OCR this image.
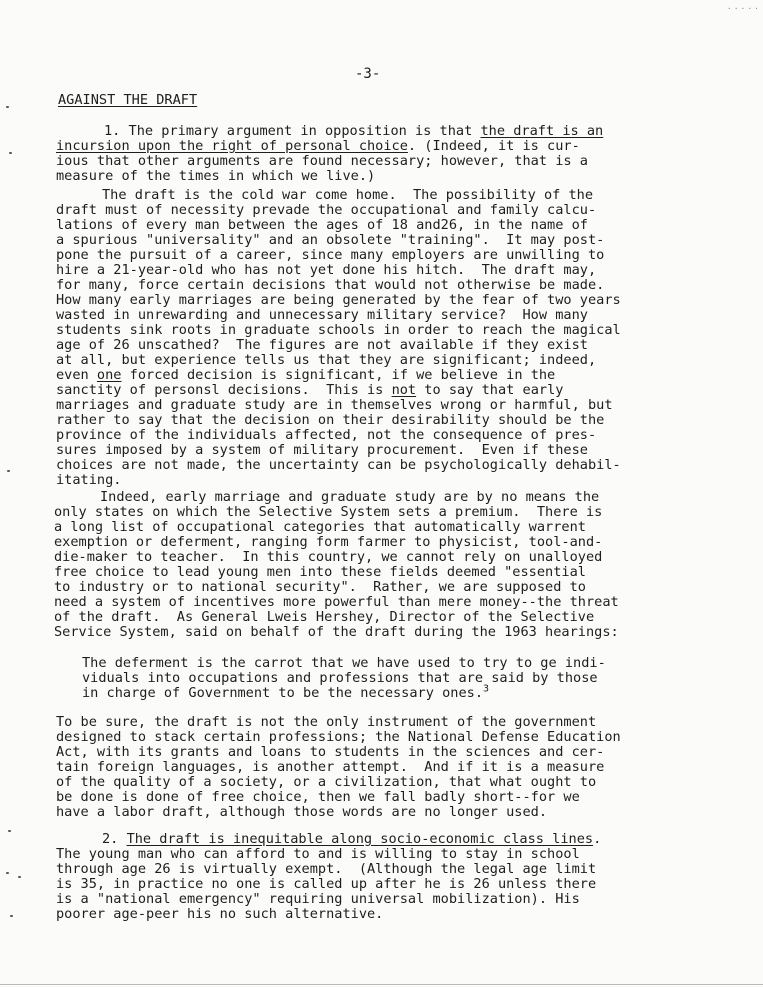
.....
-3-
AGAINST THE DRAFT
1. The primary argument in opposition is that the draft is an
incursion upon the right of personal choice. (Indeed, it is cur-
ious that other arguments are found necessary; however, that is a
measure of the times in which we live.)
The draft is the cold war come home.  The possibility of the
draft must of necessity prevade the occupational and family calcu-
lations of every man between the ages of 18 and26, in the name of
a spurious "universality" and an obsolete "training".  It may post-
pone the pursuit of a career, since many employers are unwilling to
hire a 21-year-old who has not yet done his hitch.  The draft may,
for many, force certain decisions that would not otherwise be made.
How many early marriages are being generated by the fear of two years
wasted in unrewarding and unnecessary military service?  How many
students sink roots in graduate schools in order to reach the magical
age of 26 unscathed?  The figures are not available if they exist
at all, but experience tells us that they are significant; indeed,
even one forced decision is significant, if we believe in the
sanctity of personsl decisions.  This is not to say that early
marriages and graduate study are in themselves wrong or harmful, but
rather to say that the decision on their desirability should be the
province of the individuals affected, not the consequence of pres-
sures imposed by a system of military procurement.  Even if these
choices are not made, the uncertainty can be psychologically dehabil-
itating.
Indeed, early marriage and graduate study are by no means the
only states on which the Selective System sets a premium.  There is
a long list of occupational categories that automatically warrent
exemption or deferment, ranging form farmer to physicist, tool-and-
die-maker to teacher.  In this country, we cannot rely on unalloyed
free choice to lead young men into these fields deemed "essential
to industry or to national security".  Rather, we are supposed to
need a system of incentives more powerful than mere money--the threat
of the draft.  As General Lweis Hershey, Director of the Selective
Service System, said on behalf of the draft during the 1963 hearings:
The deferment is the carrot that we have used to try to ge indi-
viduals into occupations and professions that are said by those
in charge of Government to be the necessary ones.$^3$
To be sure, the draft is not the only instrument of the government
designed to stack certain professions; the National Defense Education
Act, with its grants and loans to students in the sciences and cer-
tain foreign languages, is another attempt.  And if it is a measure
of the quality of a society, or a civilization, that what ought to
be done is done of free choice, then we fall badly short--for we
have a labor draft, although those words are no longer used.
2. The draft is inequitable along socio-economic class lines.
The young man who can afford to and is willing to stay in school
through age 26 is virtually exempt.  (Although the legal age limit
is 35, in practice no one is called up after he is 26 unless there
is a "national emergency" requiring universal mobilization). His
poorer age-peer his no such alternative.
